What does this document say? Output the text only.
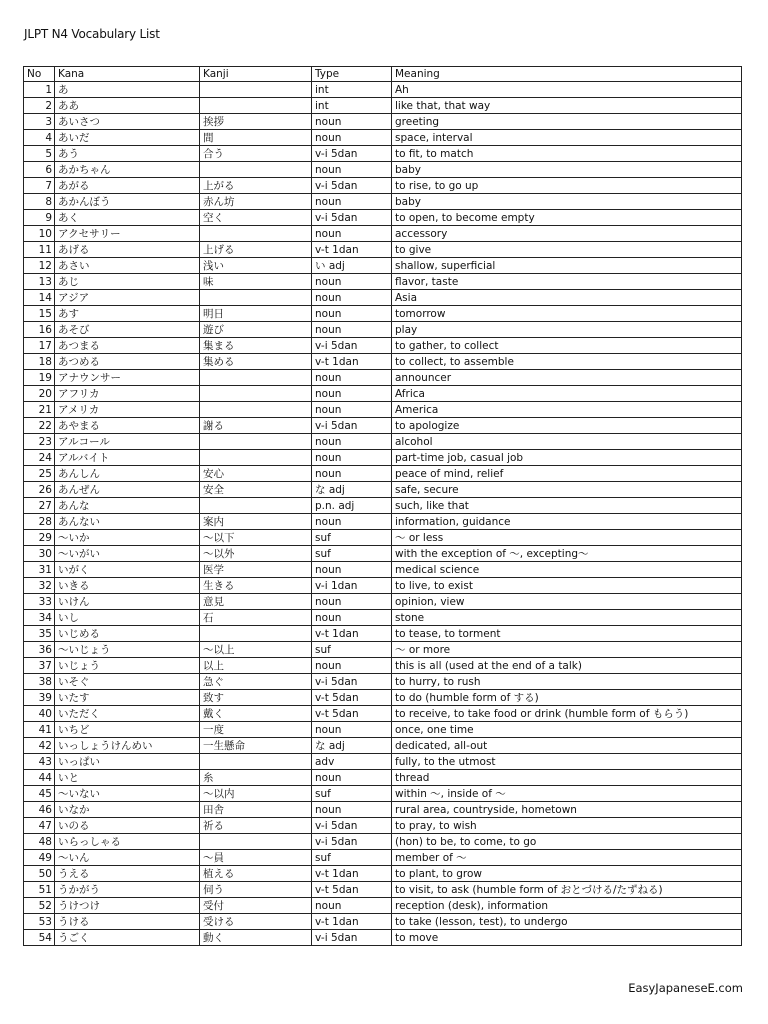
JLPT N4 Vocabulary List
No	Kana	Kanji	Type	Meaning
1	あ		int	Ah
2	ああ		int	like that, that way
3	あいさつ	挨拶	noun	greeting
4	あいだ	間	noun	space, interval
5	あう	合う	v-i 5dan	to fit, to match
6	あかちゃん		noun	baby
7	あがる	上がる	v-i 5dan	to rise, to go up
8	あかんぼう	赤ん坊	noun	baby
9	あく	空く	v-i 5dan	to open, to become empty
10	アクセサリー		noun	accessory
11	あげる	上げる	v-t 1dan	to give
12	あさい	浅い	い adj	shallow, superficial
13	あじ	味	noun	flavor, taste
14	アジア		noun	Asia
15	あす	明日	noun	tomorrow
16	あそび	遊び	noun	play
17	あつまる	集まる	v-i 5dan	to gather, to collect
18	あつめる	集める	v-t 1dan	to collect, to assemble
19	アナウンサー		noun	announcer
20	アフリカ		noun	Africa
21	アメリカ		noun	America
22	あやまる	謝る	v-i 5dan	to apologize
23	アルコール		noun	alcohol
24	アルバイト		noun	part-time job, casual job
25	あんしん	安心	noun	peace of mind, relief
26	あんぜん	安全	な adj	safe, secure
27	あんな		p.n. adj	such, like that
28	あんない	案内	noun	information, guidance
29	〜いか	〜以下	suf	〜 or less
30	〜いがい	〜以外	suf	with the exception of 〜, excepting〜
31	いがく	医学	noun	medical science
32	いきる	生きる	v-i 1dan	to live, to exist
33	いけん	意見	noun	opinion, view
34	いし	石	noun	stone
35	いじめる		v-t 1dan	to tease, to torment
36	〜いじょう	〜以上	suf	〜 or more
37	いじょう	以上	noun	this is all (used at the end of a talk)
38	いそぐ	急ぐ	v-i 5dan	to hurry, to rush
39	いたす	致す	v-t 5dan	to do (humble form of する)
40	いただく	戴く	v-t 5dan	to receive, to take food or drink (humble form of もらう)
41	いちど	一度	noun	once, one time
42	いっしょうけんめい	一生懸命	な adj	dedicated, all-out
43	いっぱい		adv	fully, to the utmost
44	いと	糸	noun	thread
45	〜いない	〜以内	suf	within 〜, inside of 〜
46	いなか	田舎	noun	rural area, countryside, hometown
47	いのる	祈る	v-i 5dan	to pray, to wish
48	いらっしゃる		v-i 5dan	(hon) to be, to come, to go
49	〜いん	〜員	suf	member of 〜
50	うえる	植える	v-t 1dan	to plant, to grow
51	うかがう	伺う	v-t 5dan	to visit, to ask (humble form of おとづける/たずねる)
52	うけつけ	受付	noun	reception (desk), information
53	うける	受ける	v-t 1dan	to take (lesson, test), to undergo
54	うごく	動く	v-i 5dan	to move
EasyJapaneseE.com
